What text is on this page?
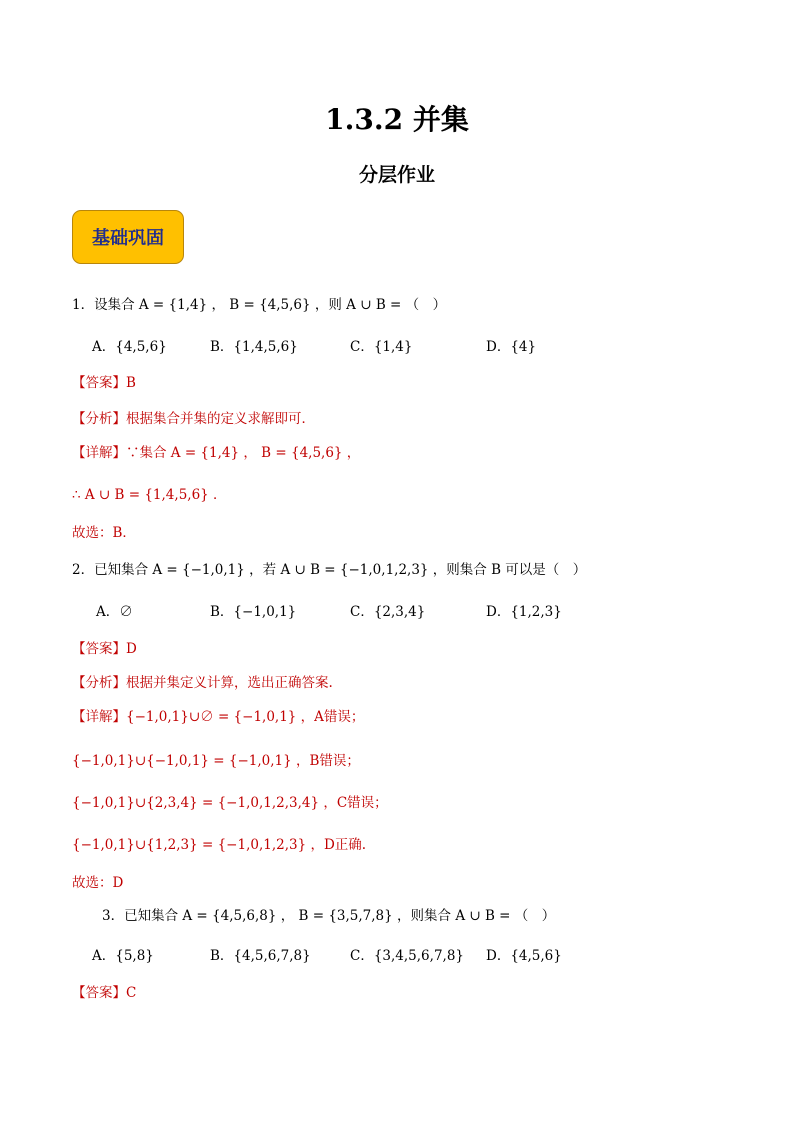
1.3.2 并集
分层作业
基础巩固
1．设集合 A = {1,4} ， B = {4,5,6} ，则 A ∪ B = （　）
A．{4,5,6}	B．{1,4,5,6}	C．{1,4}	D．{4}
【答案】B
【分析】根据集合并集的定义求解即可．
【详解】∵集合 A = {1,4} ， B = {4,5,6} ，
∴ A ∪ B = {1,4,5,6} ．
故选：B．
2．已知集合 A = {−1,0,1} ，若 A ∪ B = {−1,0,1,2,3} ，则集合 B 可以是（　）
A．∅	B．{−1,0,1}	C．{2,3,4}	D．{1,2,3}
【答案】D
【分析】根据并集定义计算，选出正确答案.
【详解】{−1,0,1}∪∅ = {−1,0,1} ，A错误；
{−1,0,1}∪{−1,0,1} = {−1,0,1} ，B错误；
{−1,0,1}∪{2,3,4} = {−1,0,1,2,3,4} ，C错误；
{−1,0,1}∪{1,2,3} = {−1,0,1,2,3} ，D正确.
故选：D
3．已知集合 A = {4,5,6,8} ， B = {3,5,7,8} ，则集合 A ∪ B = （　）
A．{5,8}	B．{4,5,6,7,8}	C．{3,4,5,6,7,8} D．{4,5,6}
【答案】C
